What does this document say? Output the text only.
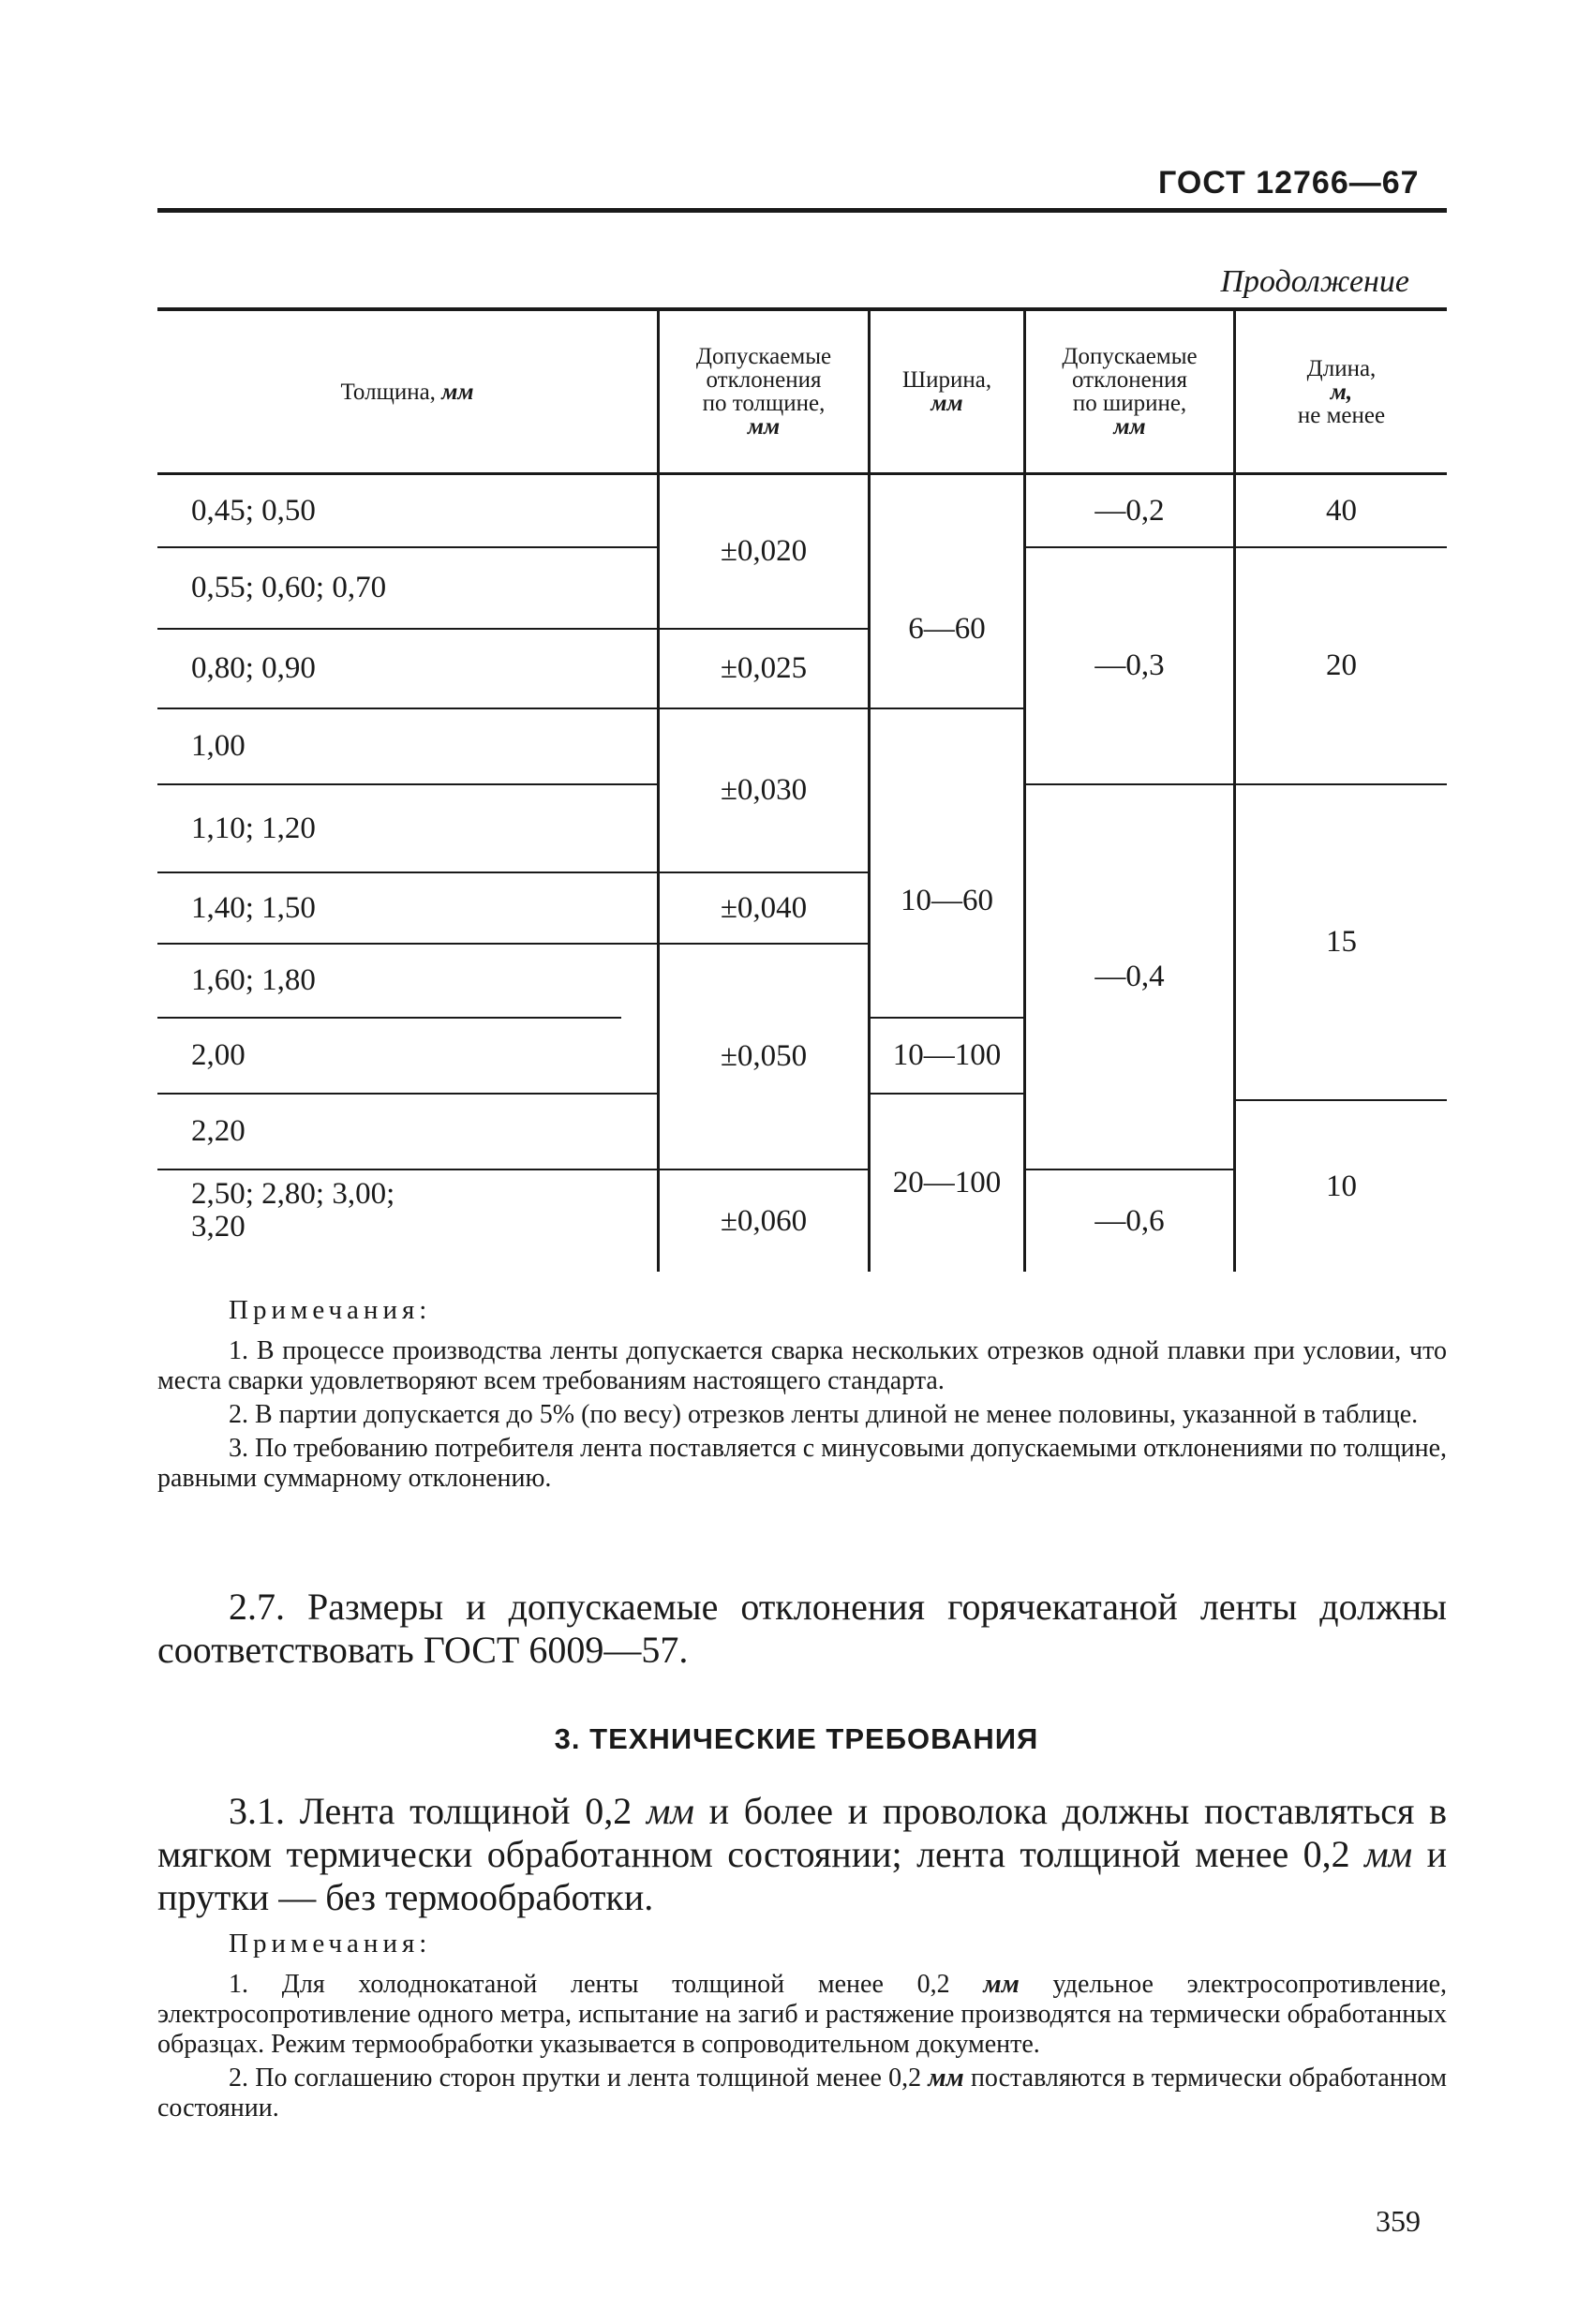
ГОСТ 12766—67
Продолжение
Толщина, мм
Допускаемые
отклонения
по толщине,
мм
Ширина,
мм
Допускаемые
отклонения
по ширине,
мм
Длина,
м,
не менее
0,45; 0,50
0,55; 0,60; 0,70
0,80; 0,90
1,00
1,10; 1,20
1,40; 1,50
1,60; 1,80
2,00
2,20
2,50; 2,80; 3,00;
3,20
±0,020
±0,025
±0,030
±0,040
±0,050
±0,060
6—60
10—60
10—100
20—100
—0,2
—0,3
—0,4
—0,6
40
20
15
10
Примечания:
1. В процессе производства ленты допускается сварка нескольких отрезков одной плавки при условии, что места сварки удовлетворяют всем требованиям настоящего стандарта.
2. В партии допускается до 5% (по весу) отрезков ленты длиной не менее половины, указанной в таблице.
3. По требованию потребителя лента поставляется с минусовыми допускаемыми отклонениями по толщине, равными суммарному отклонению.
2.7. Размеры и допускаемые отклонения горячекатаной ленты должны соответствовать ГОСТ 6009—57.
3. ТЕХНИЧЕСКИЕ ТРЕБОВАНИЯ
3.1. Лента толщиной 0,2 мм и более и проволока должны поставляться в мягком термически обработанном состоянии; лента толщиной менее 0,2 мм и прутки — без термообработки.
Примечания:
1. Для холоднокатаной ленты толщиной менее 0,2 мм удельное электросопротивление, электросопротивление одного метра, испытание на загиб и растяжение производятся на термически обработанных образцах. Режим термообработки указывается в сопроводительном документе.
2. По соглашению сторон прутки и лента толщиной менее 0,2 мм поставляются в термически обработанном состоянии.
359
